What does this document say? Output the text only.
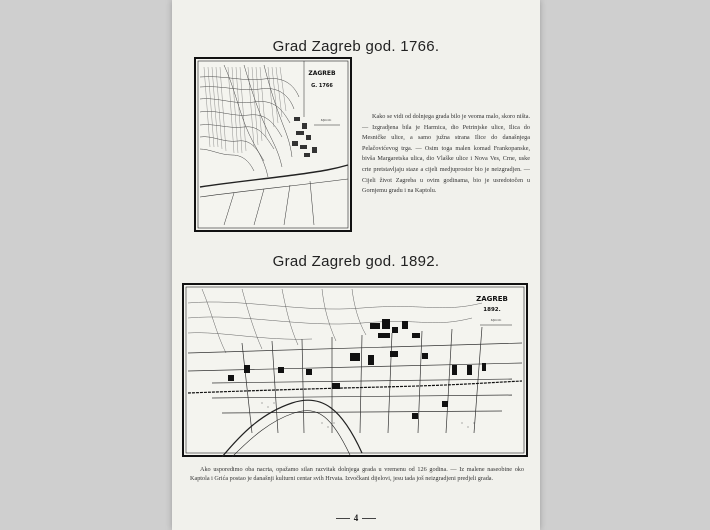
Grad Zagreb god. 1766.
ZAGREB
G. 1766
Mjerilo	Kako se vidi od dolnjega grada bilo je veoma malo, skoro ništa. — Izgradjena bila je Harmica, dio Petrinjske ulice, Ilica do Mesničke ulice, a samo južna strana Ilice do današnjega Pelačovićevog trga. — Osim toga malen komad Frankopanske, bivša Margaretska ulica, dio Vlaške ulice i Nova Ves, Crne, uske crte pretstavljaju staze a cijeli medjuprostor bio je neizgradjen. — Cijeli život Zagreba u ovim godinama, bio je usredotočen u Gornjemu gradu i na Kaptolu.

Grad Zagreb god. 1892.
ZAGREB
1892.
Mjerilo

Ako usporedimo oba nacrta, opažamo silan razvitak dolnjega grada u vremenu od 126 godina. — Iz malene naseobine oko Kaptola i Grića postao je današnji kulturni centar svih Hrvata. Izvočkani dijelovi, jesu tada još neizgradjeni predjeli grada.

4
